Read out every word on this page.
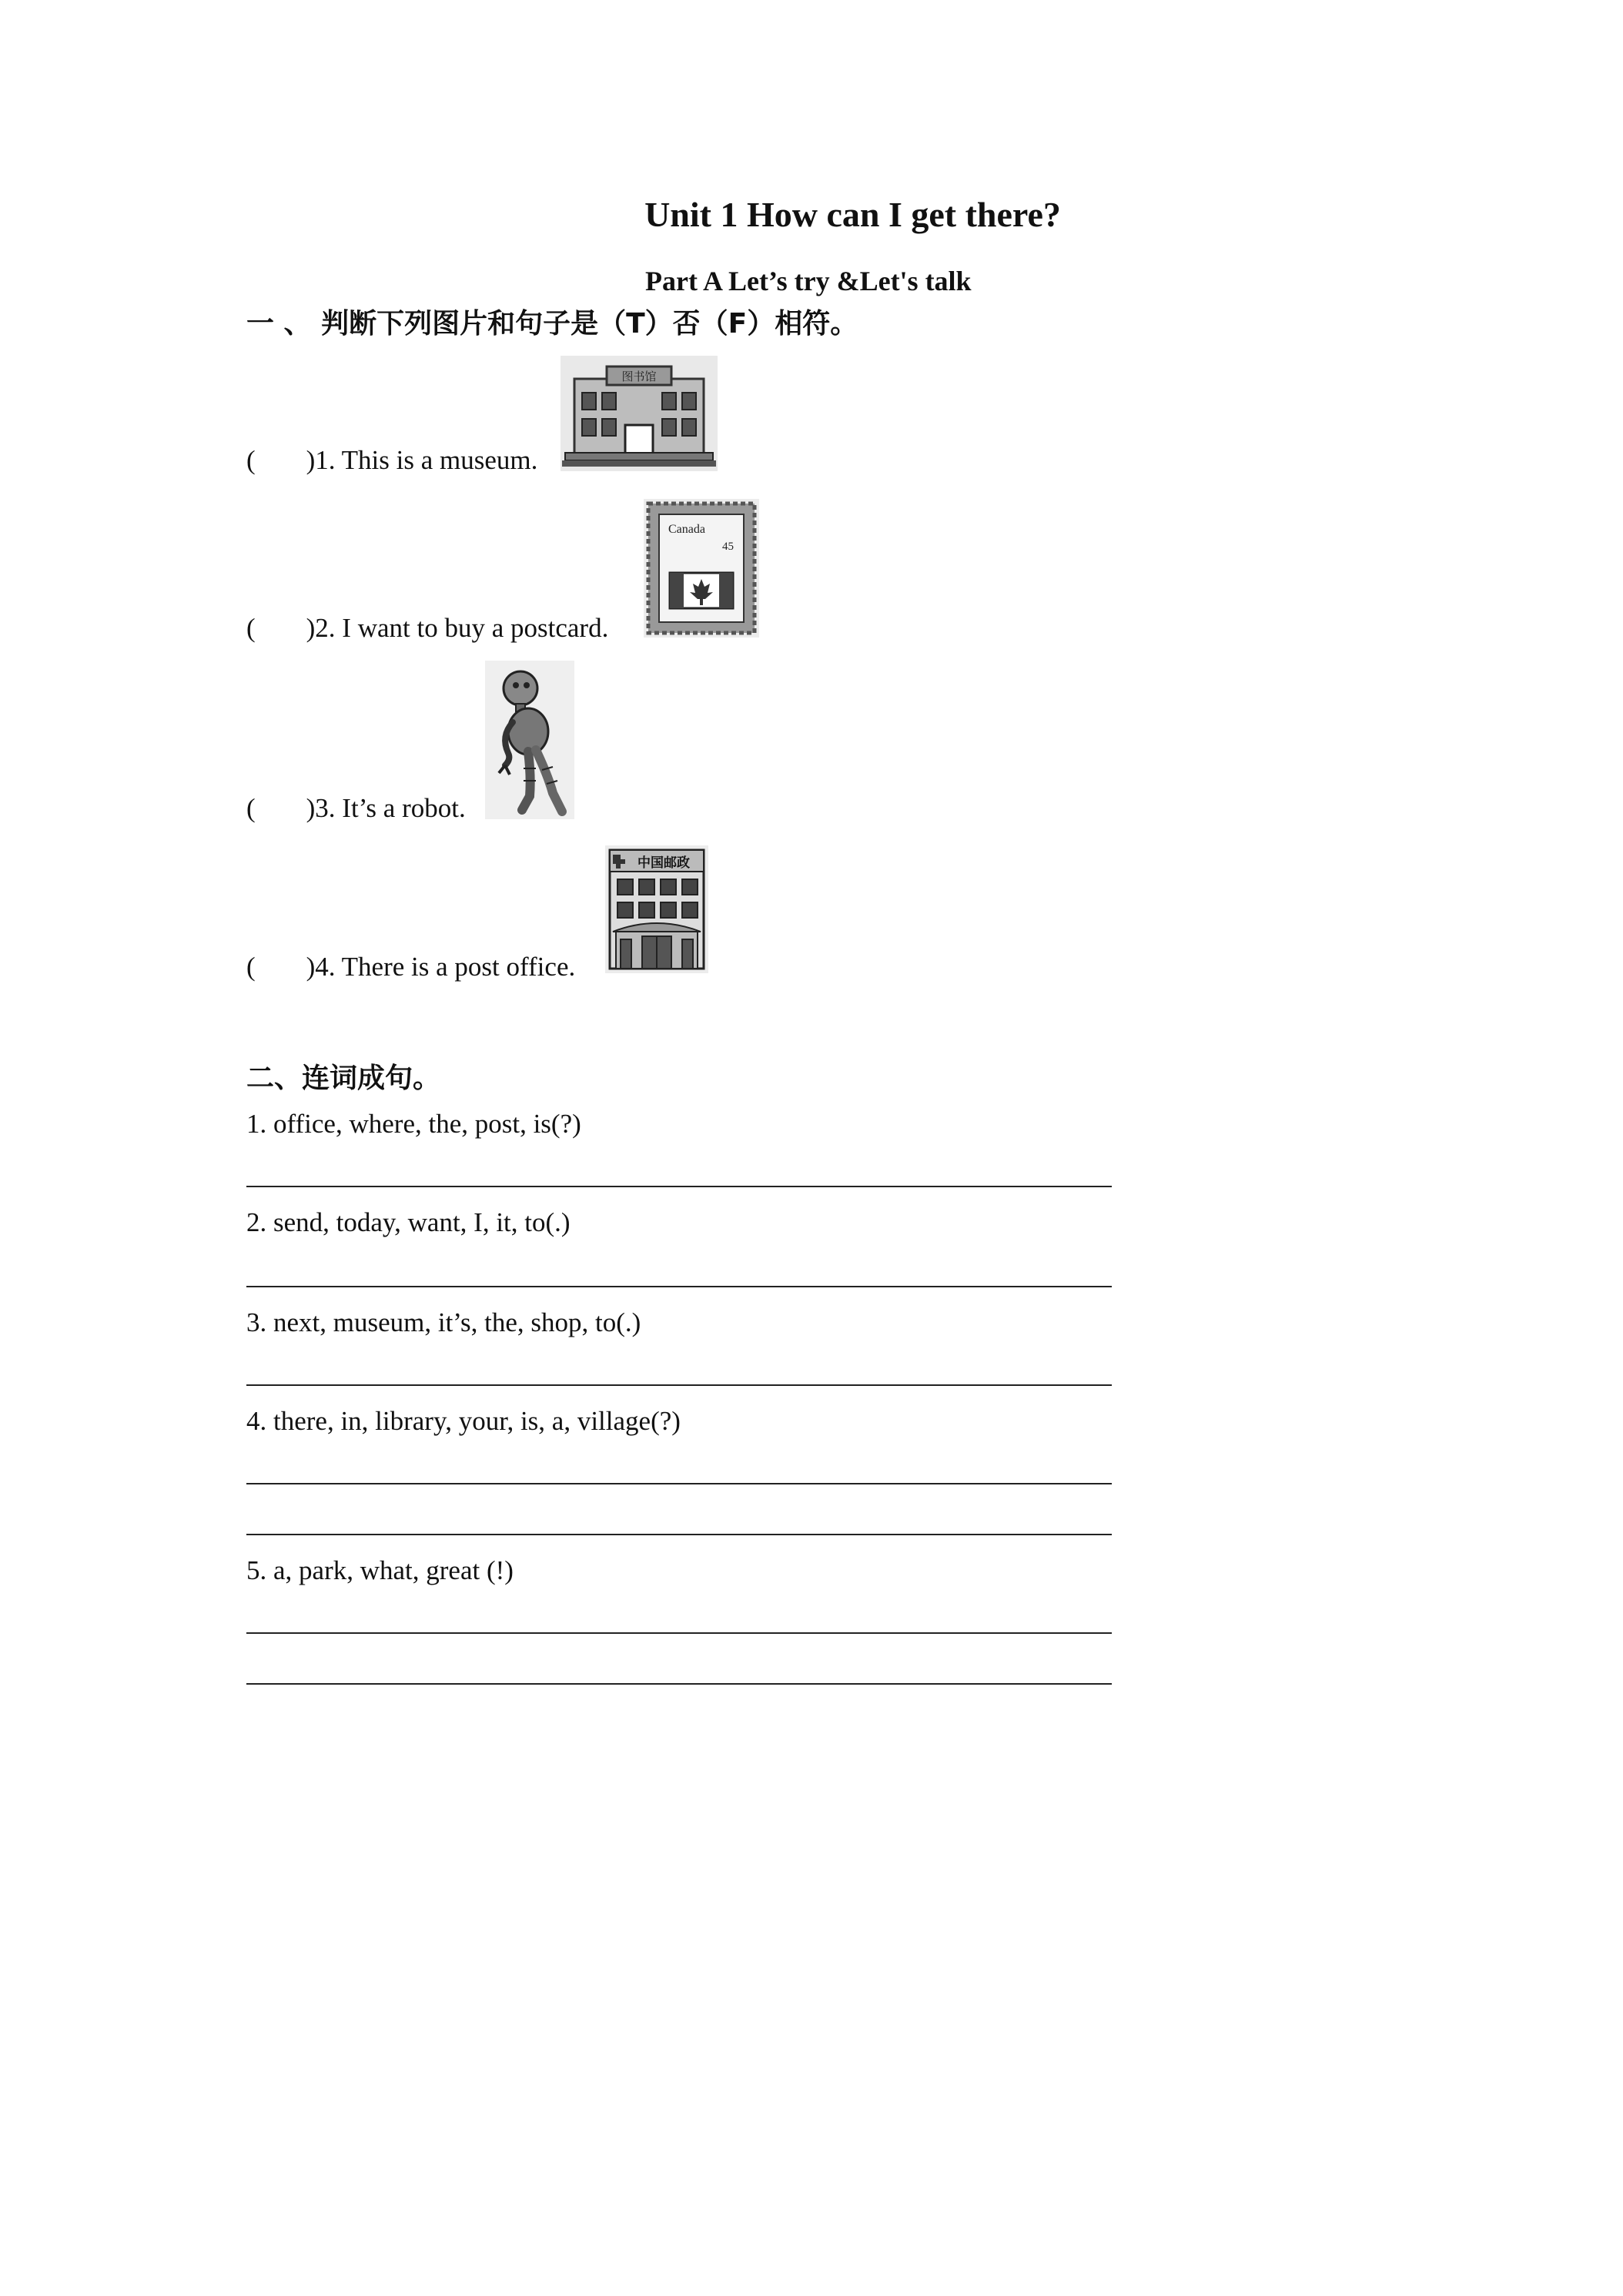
Unit 1 How can I get there?
Part A Let’s try &Let's talk
一 、 判断下列图片和句子是（T）否（F）相符。
( )1. This is a museum.
图书馆
( )2. I want to buy a postcard.
Canada
45
( )3. It’s a robot.
( )4. There is a post office.
中国邮政
二、连词成句。
1. office, where, the, post, is(?)
2. send, today, want, I, it, to(.)
3. next, museum, it’s, the, shop, to(.)
4. there, in, library, your, is, a, village(?)
5. a, park, what, great (!)
